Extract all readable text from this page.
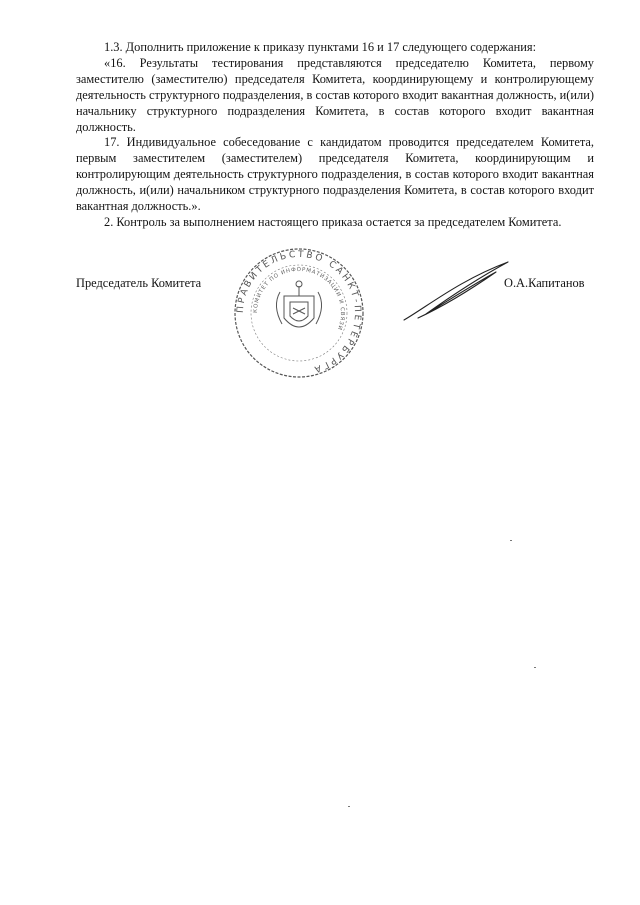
1.3. Дополнить приложение к приказу пунктами 16 и 17 следующего содержания:

«16. Результаты тестирования представляются председателю Комитета, первому заместителю (заместителю) председателя Комитета, координирующему и контролирующему деятельность структурного подразделения, в состав которого входит вакантная должность, и(или) начальнику структурного подразделения Комитета, в состав которого входит вакантная должность.

17. Индивидуальное собеседование с кандидатом проводится председателем Комитета, первым заместителем (заместителем) председателя Комитета, координирующим и контролирующим деятельность структурного подразделения, в состав которого входит вакантная должность, и(или) начальником структурного подразделения Комитета, в состав которого входит вакантная должность.».

2. Контроль за выполнением настоящего приказа остается за председателем Комитета.

Председатель Комитета
ПРАВИТЕЛЬСТВО САНКТ-ПЕТЕРБУРГА
КОМИТЕТ ПО ИНФОРМАТИЗАЦИИ И СВЯЗИ
О.А.Капитанов
